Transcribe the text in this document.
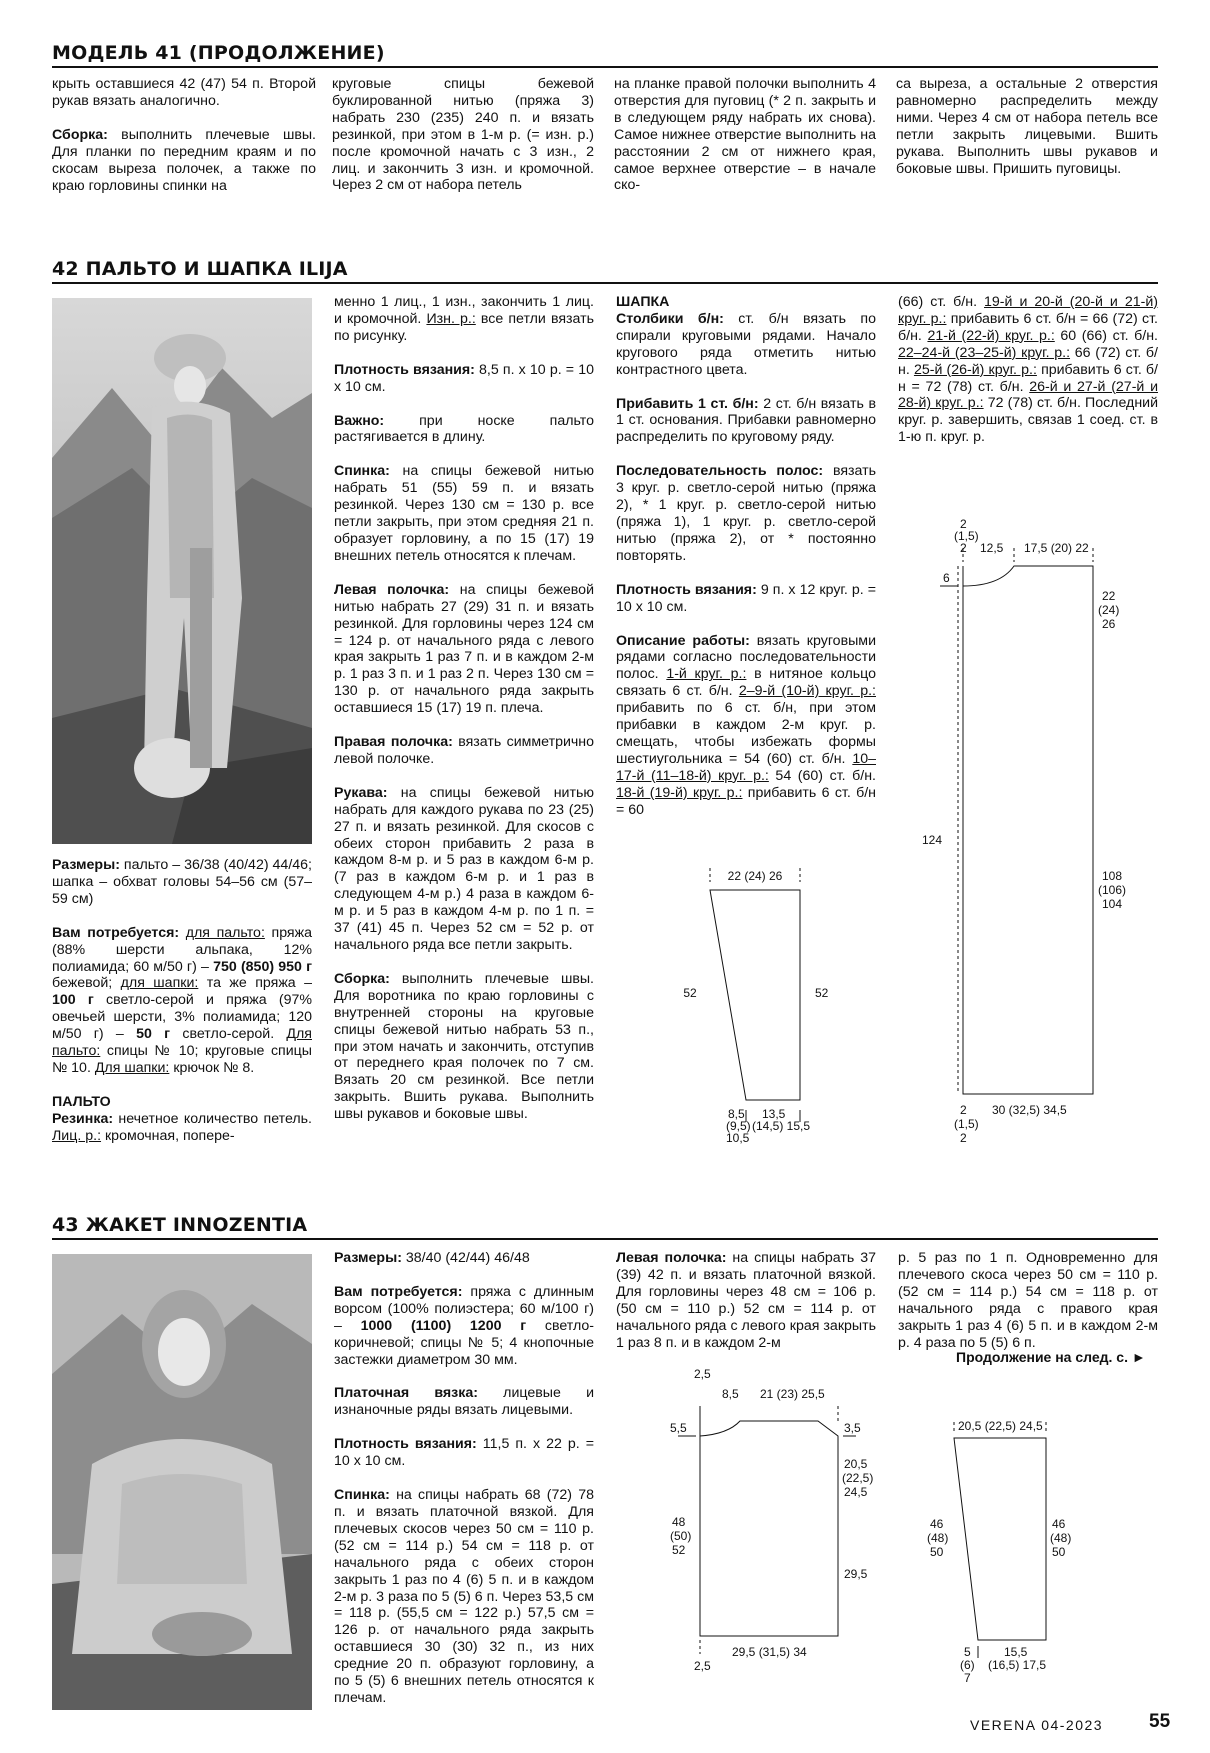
МОДЕЛЬ 41 (ПРОДОЛЖЕНИЕ)

крыть оставшиеся 42 (47) 54 п. Второй рукав вязать аналогично.

Сборка: выполнить плечевые швы. Для планки по передним краям и по скосам выреза полочек, а также по краю горловины спинки на

круговые спицы бежевой буклированной нитью (пряжа 3) набрать 230 (235) 240 п. и вязать резинкой, при этом в 1-м р. (= изн. р.) после кромочной начать с 3 изн., 2 лиц. и закончить 3 изн. и кромочной. Через 2 см от набора петель

на планке правой полочки выполнить 4 отверстия для пуговиц (* 2 п. закрыть и в следующем ряду набрать их снова). Самое нижнее отверстие выполнить на расстоянии 2 см от нижнего края, самое верхнее отверстие – в начале ско-

са выреза, а остальные 2 отверстия равномерно распределить между ними. Через 4 см от набора петель все петли закрыть лицевыми. Вшить рукава. Выполнить швы рукавов и боковые швы. Пришить пуговицы.

42 ПАЛЬТО И ШАПКА ILIJA

Размеры: пальто – 36/38 (40/42) 44/46; шапка – обхват головы 54–56 см (57–59 см)

Вам потребуется: для пальто: пряжа (88% шерсти альпака, 12% полиамида; 60 м/50 г) – 750 (850) 950 г бежевой; для шапки: та же пряжа – 100 г светло-серой и пряжа (97% овечьей шерсти, 3% полиамида; 120 м/50 г) – 50 г светло-серой. Для пальто: спицы № 10; круговые спицы № 10. Для шапки: крючок № 8.

ПАЛЬТО

Резинка: нечетное количество петель. Лиц. р.: кромочная, попере-

менно 1 лиц., 1 изн., закончить 1 лиц. и кромочной. Изн. р.: все петли вязать по рисунку.

Плотность вязания: 8,5 п. x 10 р. = 10 x 10 см.

Важно: при носке пальто растягивается в длину.

Спинка: на спицы бежевой нитью набрать 51 (55) 59 п. и вязать резинкой. Через 130 см = 130 р. все петли закрыть, при этом средняя 21 п. образует горловину, а по 15 (17) 19 внешних петель относятся к плечам.

Левая полочка: на спицы бежевой нитью набрать 27 (29) 31 п. и вязать резинкой. Для горловины через 124 см = 124 р. от начального ряда с левого края закрыть 1 раз 7 п. и в каждом 2-м р. 1 раз 3 п. и 1 раз 2 п. Через 130 см = 130 р. от начального ряда закрыть оставшиеся 15 (17) 19 п. плеча.

Правая полочка: вязать симметрично левой полочке.

Рукава: на спицы бежевой нитью набрать для каждого рукава по 23 (25) 27 п. и вязать резинкой. Для скосов с обеих сторон прибавить 2 раза в каждом 8-м р. и 5 раз в каждом 6-м р. (7 раз в каждом 6-м р. и 1 раз в следующем 4-м р.) 4 раза в каждом 6-м р. и 5 раз в каждом 4-м р. по 1 п. = 37 (41) 45 п. Через 52 см = 52 р. от начального ряда все петли закрыть.

Сборка: выполнить плечевые швы. Для воротника по краю горловины с внутренней стороны на круговые спицы бежевой нитью набрать 53 п., при этом начать и закончить, отступив от переднего края полочек по 7 см. Вязать 20 см резинкой. Все петли закрыть. Вшить рукава. Выполнить швы рукавов и боковые швы.

ШАПКА

Столбики б/н: ст. б/н вязать по спирали круговыми рядами. Начало кругового ряда отметить нитью контрастного цвета.

Прибавить 1 ст. б/н: 2 ст. б/н вязать в 1 ст. основания. Прибавки равномерно распределить по круговому ряду.

Последовательность полос: вязать 3 круг. р. светло-серой нитью (пряжа 2), * 1 круг. р. светло-серой нитью (пряжа 1), 1 круг. р. светло-серой нитью (пряжа 2), от * постоянно повторять.

Плотность вязания: 9 п. x 12 круг. р. = 10 x 10 см.

Описание работы: вязать круговыми рядами согласно последовательности полос. 1-й круг. р.: в нитяное кольцо связать 6 ст. б/н. 2–9-й (10-й) круг. р.: прибавить по 6 ст. б/н, при этом прибавки в каждом 2-м круг. р. смещать, чтобы избежать формы шестиугольника = 54 (60) ст. б/н. 10–17-й (11–18-й) круг. р.: 54 (60) ст. б/н. 18-й (19-й) круг. р.: прибавить 6 ст. б/н = 60

(66) ст. б/н. 19-й и 20-й (20-й и 21-й) круг. р.: прибавить 6 ст. б/н = 66 (72) ст. б/н. 21-й (22-й) круг. р.: 60 (66) ст. б/н. 22–24-й (23–25-й) круг. р.: 66 (72) ст. б/н. 25-й (26-й) круг. р.: прибавить 6 ст. б/н = 72 (78) ст. б/н. 26-й и 27-й (27-й и 28-й) круг. р.: 72 (78) ст. б/н. Последний круг. р. завершить, связав 1 соед. ст. в 1-ю п. круг. р.

22 (24) 26
52	52
8,5
(9,5)
10,5
13,5
(14,5) 15,5
2
(1,5)
2 12,5 17,5 (20) 22
6
22
(24)
26
124
108
(106)
104
2
(1,5)
2
30 (32,5) 34,5
43 ЖАКЕТ INNOZENTIA

Размеры: 38/40 (42/44) 46/48

Вам потребуется: пряжа с длинным ворсом (100% полиэстера; 60 м/100 г) – 1000 (1100) 1200 г светло-коричневой; спицы № 5; 4 кнопочные застежки диаметром 30 мм.

Платочная вязка: лицевые и изнаночные ряды вязать лицевыми.

Плотность вязания: 11,5 п. x 22 р. = 10 x 10 см.

Спинка: на спицы набрать 68 (72) 78 п. и вязать платочной вязкой. Для плечевых скосов через 50 см = 110 р. (52 см = 114 р.) 54 см = 118 р. от начального ряда с обеих сторон закрыть 1 раз по 4 (6) 5 п. и в каждом 2-м р. 3 раза по 5 (5) 6 п. Через 53,5 см = 118 р. (55,5 см = 122 р.) 57,5 см = 126 р. от начального ряда закрыть оставшиеся 30 (30) 32 п., из них средние 20 п. образуют горловину, а по 5 (5) 6 внешних петель относятся к плечам.

Левая полочка: на спицы набрать 37 (39) 42 п. и вязать платочной вязкой. Для горловины через 48 см = 106 р. (50 см = 110 р.) 52 см = 114 р. от начального ряда с левого края закрыть 1 раз 8 п. и в каждом 2-м

р. 5 раз по 1 п. Одновременно для плечевого скоса через 50 см = 110 р. (52 см = 114 р.) 54 см = 118 р. от начального ряда с правого края закрыть 1 раз 4 (6) 5 п. и в каждом 2-м р. 4 раза по 5 (5) 6 п.

Продолжение на след. с. ►
2,5
8,5 21 (23) 25,5
5,5	3,5
20,5
(22,5)
24,5
48
(50)
52
29,5
29,5 (31,5) 34
2,5
20,5 (22,5) 24,5
46
(48)
50
46
(48)
50
5
(6)
7
15,5
(16,5) 17,5
VERENA 04-2023 55
